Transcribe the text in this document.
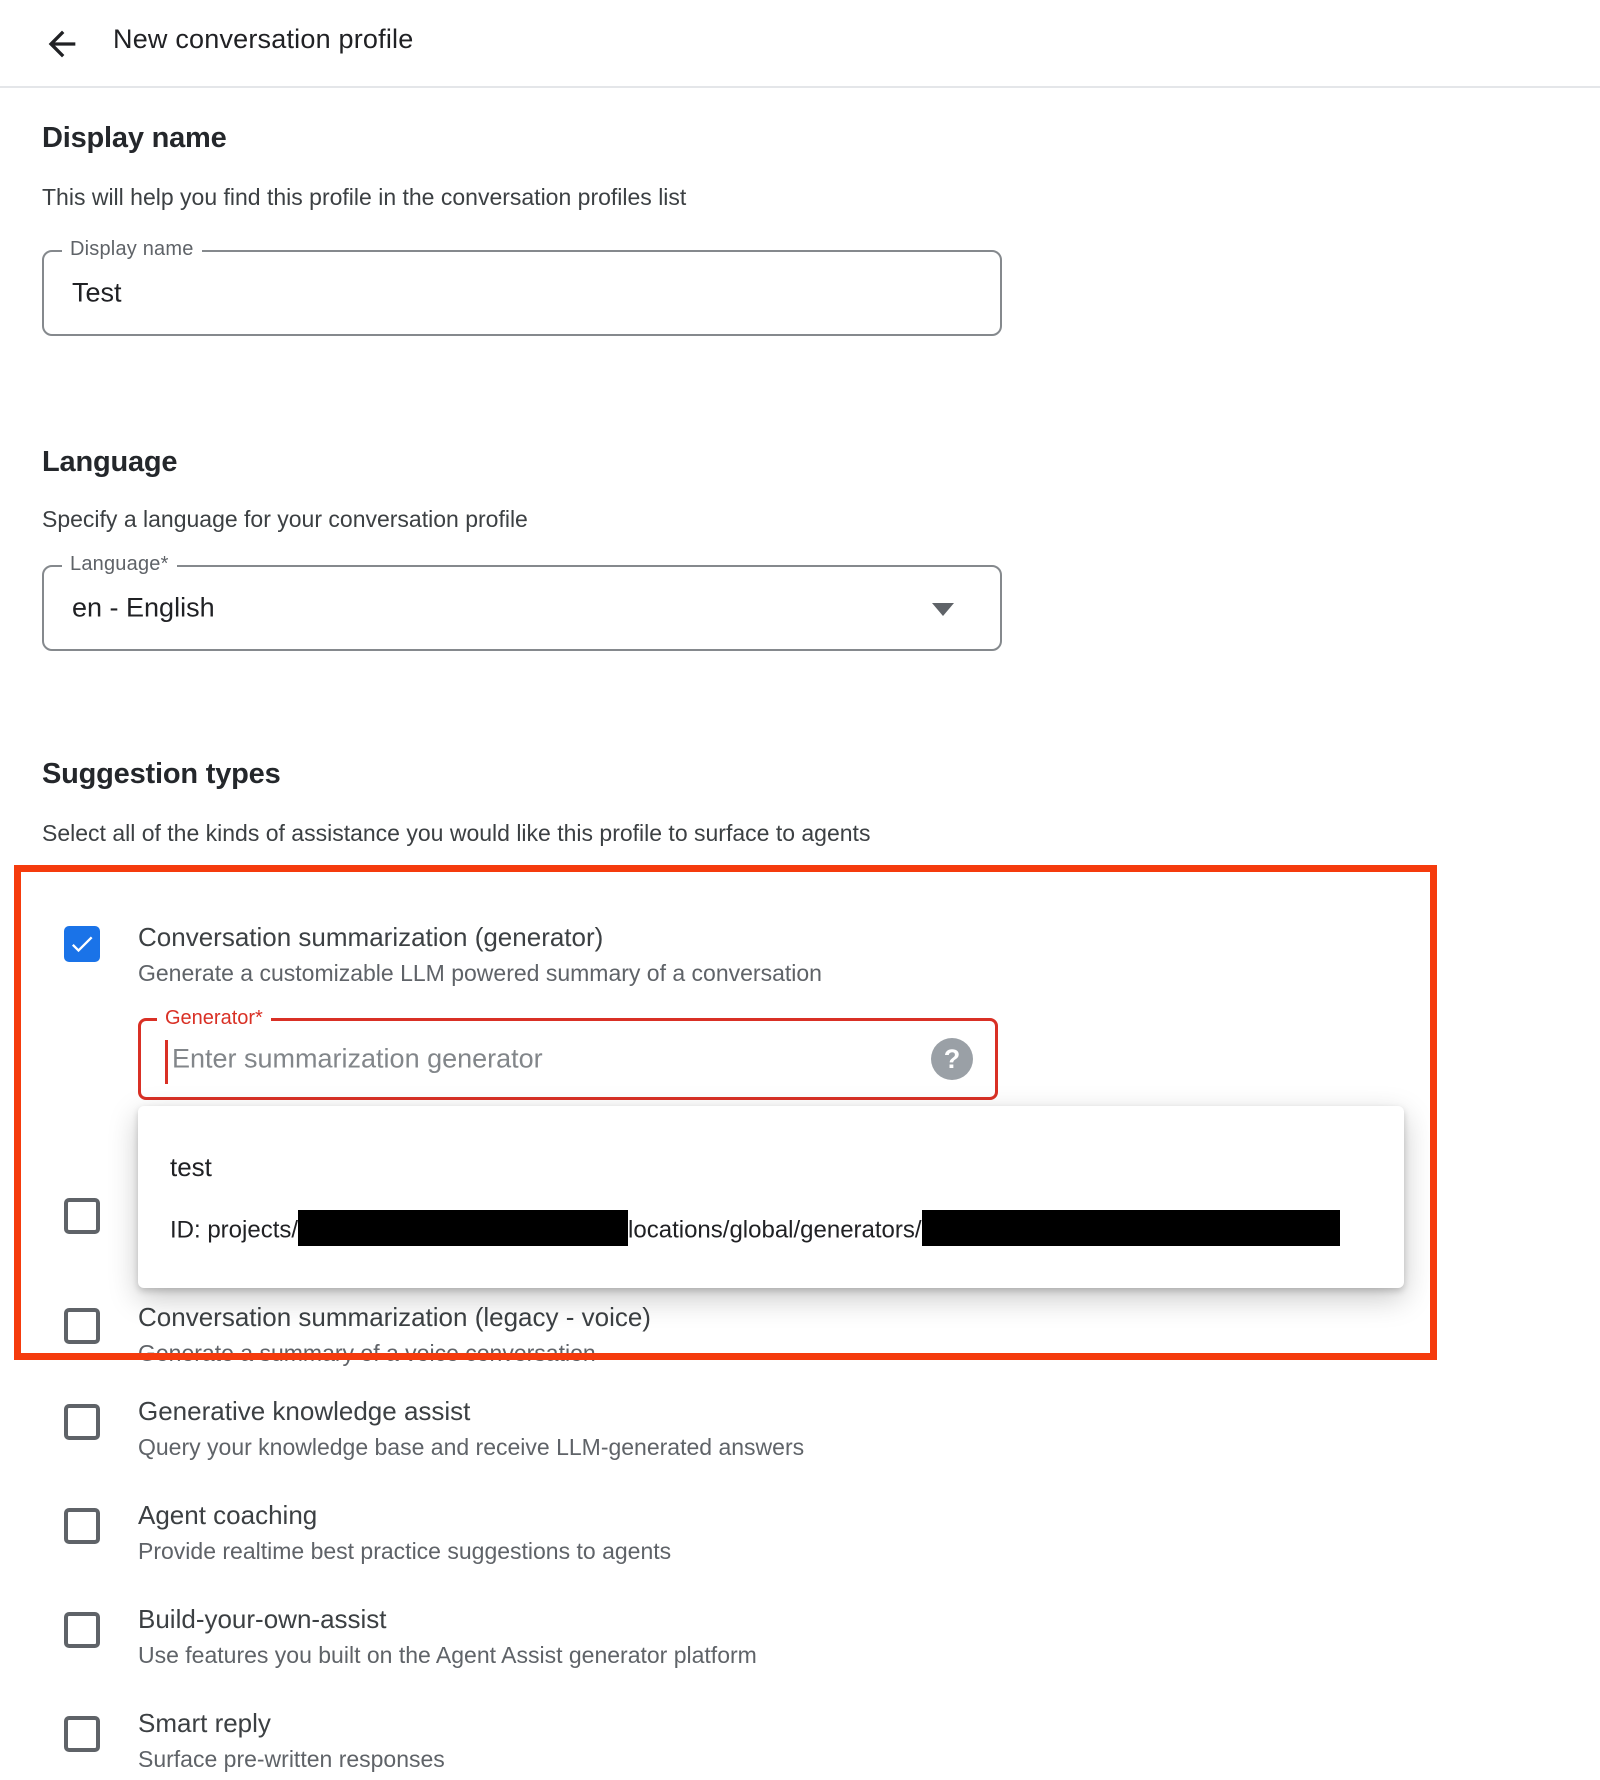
New conversation profile
Display name
This will help you find this profile in the conversation profiles list
Display name
Test
Language
Specify a language for your conversation profile
Language*
en - English
Suggestion types
Select all of the kinds of assistance you would like this profile to surface to agents
Conversation summarization (generator)
Generate a customizable LLM powered summary of a conversation
Generator*
Enter summarization generator	?
test
ID: projects/	locations/global/generators/
Conversation summarization (legacy - voice)
Generate a summary of a voice conversation
Generative knowledge assist
Query your knowledge base and receive LLM-generated answers
Agent coaching
Provide realtime best practice suggestions to agents
Build-your-own-assist
Use features you built on the Agent Assist generator platform
Smart reply
Surface pre-written responses
